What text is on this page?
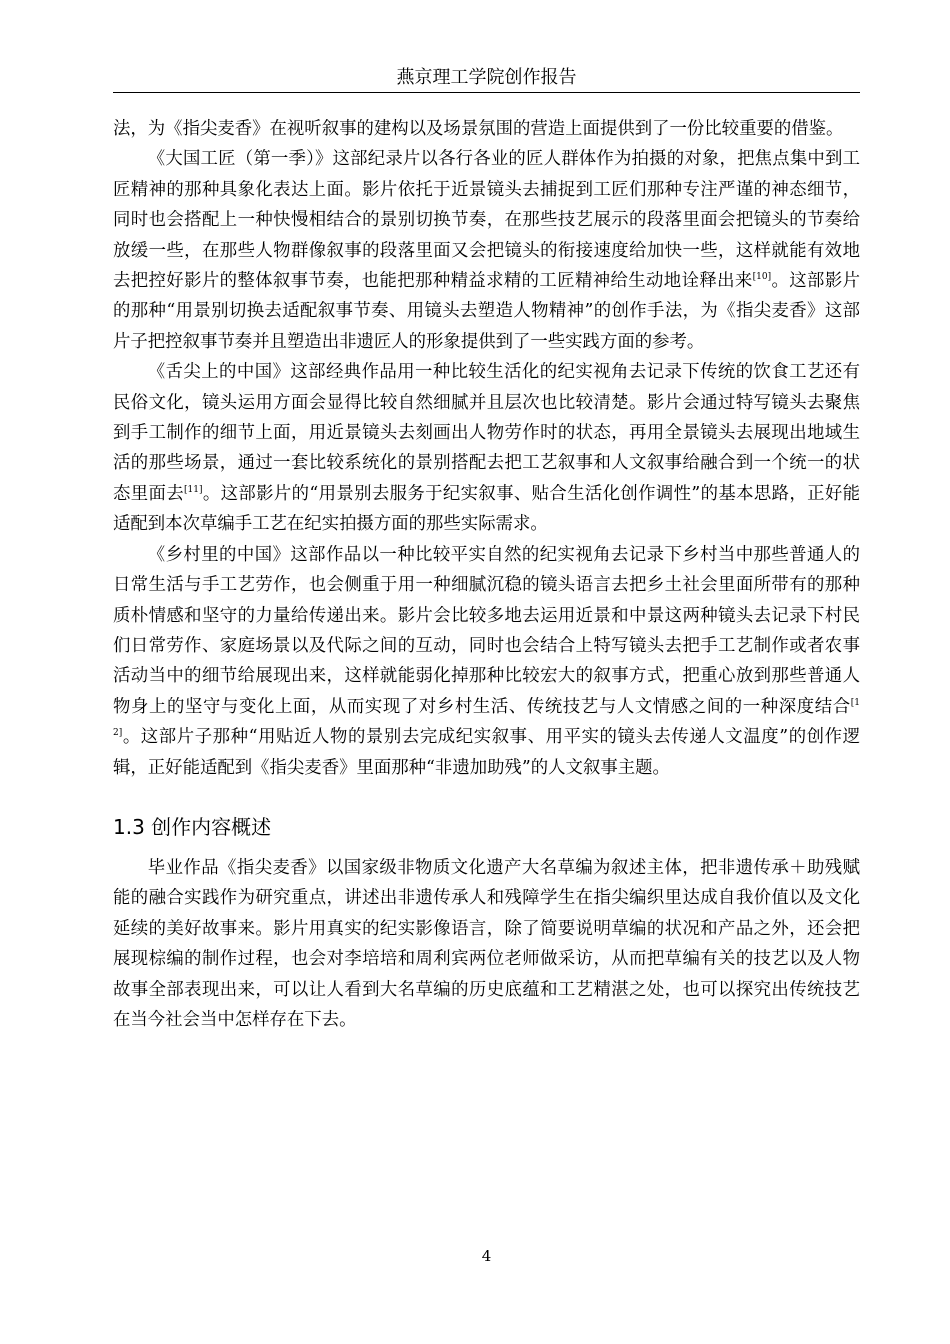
燕京理工学院创作报告

法，为《指尖麦香》在视听叙事的建构以及场景氛围的营造上面提供到了一份比较重要的借鉴。

《大国工匠（第一季）》这部纪录片以各行各业的匠人群体作为拍摄的对象，把焦点集中到工匠精神的那种具象化表达上面。影片依托于近景镜头去捕捉到工匠们那种专注严谨的神态细节，同时也会搭配上一种快慢相结合的景别切换节奏，在那些技艺展示的段落里面会把镜头的节奏给放缓一些，在那些人物群像叙事的段落里面又会把镜头的衔接速度给加快一些，这样就能有效地去把控好影片的整体叙事节奏，也能把那种精益求精的工匠精神给生动地诠释出来[10]。这部影片的那种“用景别切换去适配叙事节奏、用镜头去塑造人物精神”的创作手法，为《指尖麦香》这部片子把控叙事节奏并且塑造出非遗匠人的形象提供到了一些实践方面的参考。

《舌尖上的中国》这部经典作品用一种比较生活化的纪实视角去记录下传统的饮食工艺还有民俗文化，镜头运用方面会显得比较自然细腻并且层次也比较清楚。影片会通过特写镜头去聚焦到手工制作的细节上面，用近景镜头去刻画出人物劳作时的状态，再用全景镜头去展现出地域生活的那些场景，通过一套比较系统化的景别搭配去把工艺叙事和人文叙事给融合到一个统一的状态里面去[11]。这部影片的“用景别去服务于纪实叙事、贴合生活化创作调性”的基本思路，正好能适配到本次草编手工艺在纪实拍摄方面的那些实际需求。

《乡村里的中国》这部作品以一种比较平实自然的纪实视角去记录下乡村当中那些普通人的日常生活与手工艺劳作，也会侧重于用一种细腻沉稳的镜头语言去把乡土社会里面所带有的那种质朴情感和坚守的力量给传递出来。影片会比较多地去运用近景和中景这两种镜头去记录下村民们日常劳作、家庭场景以及代际之间的互动，同时也会结合上特写镜头去把手工艺制作或者农事活动当中的细节给展现出来，这样就能弱化掉那种比较宏大的叙事方式，把重心放到那些普通人物身上的坚守与变化上面，从而实现了对乡村生活、传统技艺与人文情感之间的一种深度结合[12]。这部片子那种“用贴近人物的景别去完成纪实叙事、用平实的镜头去传递人文温度”的创作逻辑，正好能适配到《指尖麦香》里面那种“非遗加助残”的人文叙事主题。

1.3 创作内容概述

毕业作品《指尖麦香》以国家级非物质文化遗产大名草编为叙述主体，把非遗传承＋助残赋能的融合实践作为研究重点，讲述出非遗传承人和残障学生在指尖编织里达成自我价值以及文化延续的美好故事来。影片用真实的纪实影像语言，除了简要说明草编的状况和产品之外，还会把展现棕编的制作过程，也会对李培培和周利宾两位老师做采访，从而把草编有关的技艺以及人物故事全部表现出来，可以让人看到大名草编的历史底蕴和工艺精湛之处，也可以探究出传统技艺在当今社会当中怎样存在下去。

4
